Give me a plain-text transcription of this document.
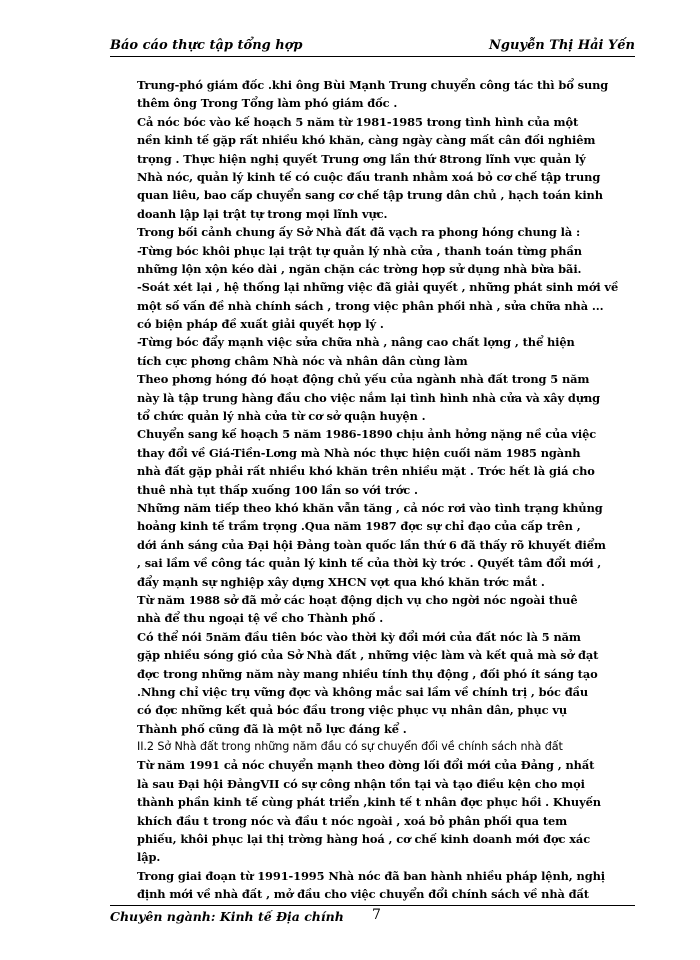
Báo cáo thực tập tổng hợp	Nguyễn Thị Hải Yến
Trung-phó giám đốc .khi ông Bùi Mạnh Trung chuyển công tác thì bổ sung
thêm ông Trong Tổng làm phó giám đốc .
Cả nóc bóc vào kế hoạch 5 năm từ 1981-1985 trong tình hình của một
nền kinh tế gặp rất nhiều khó khăn, càng ngày càng mất cân đối nghiêm
trọng . Thực hiện nghị quyết Trung ơng lần thứ 8trong lĩnh vực quản lý
Nhà nóc, quản lý kinh tế có cuộc đấu tranh nhằm xoá bỏ cơ chế tập trung
quan liêu, bao cấp chuyển sang cơ chế tập trung dân chủ , hạch toán kinh
doanh lập lại trật tự trong mọi lĩnh vực.
Trong bối cảnh chung ấy Sở Nhà đất đã vạch ra phong hóng chung là :
-Từng bóc khôi phục lại trật tự quản lý nhà cửa , thanh toán từng phần
những lộn xộn kéo dài , ngăn chặn các trờng hợp sử dụng nhà bừa bãi.
-Soát xét lại , hệ thống lại những việc đã giải quyết , những phát sinh mới về
một số vấn đề nhà chính sách , trong việc phân phối nhà , sửa chữa nhà ...
có biện pháp đề xuất giải quyết hợp lý .
-Từng bóc đẩy mạnh việc sửa chữa nhà , nâng cao chất lợng , thể hiện
tích cực phơng châm Nhà nóc và nhân dân cùng làm
Theo phơng hóng đó hoạt động chủ yếu của ngành nhà đất trong 5 năm
này là tập trung hàng đầu cho việc nắm lại tình hình nhà cửa và xây dựng
tổ chức quản lý nhà cửa từ cơ sở quận huyện .
Chuyển sang kế hoạch 5 năm 1986-1890 chịu ảnh hởng nặng nề của việc
thay đổi về Giá-Tiền-Lơng mà Nhà nóc thực hiện cuối năm 1985 ngành
nhà đất gặp phải rất nhiều khó khăn trên nhiều mặt . Trớc hết là giá cho
thuê nhà tụt thấp xuống 100 lần so với trớc .
Những năm tiếp theo khó khăn vẫn tăng , cả nóc rơi vào tình trạng khủng
hoảng kinh tế trầm trọng .Qua năm 1987 đợc sự chỉ đạo của cấp trên ,
dới ánh sáng của Đại hội Đảng toàn quốc lần thứ 6 đã thấy rõ khuyết điểm
, sai lầm về công tác quản lý kinh tế của thời kỳ trớc . Quyết tâm đổi mới ,
đẩy mạnh sự nghiệp xây dựng XHCN vợt qua khó khăn trớc mắt .
Từ năm 1988 sở đã mở các hoạt động dịch vụ cho ngời nóc ngoài thuê
nhà để thu ngoại tệ về cho Thành phố .
Có thể nói 5năm đầu tiên bóc vào thời kỳ đổi mới của đất nóc là 5 năm
gặp nhiều sóng gió của Sở Nhà đất , những việc làm và kết quả mà sở đạt
đợc trong những năm này mang nhiều tính thụ động , đối phó ít sáng tạo
.Nhng chỉ việc trụ vững đợc và không mắc sai lầm về chính trị , bóc đầu
có đợc những kết quả bóc đầu trong việc phục vụ nhân dân, phục vụ
Thành phố cũng đã là một nỗ lực đáng kể .
II.2 Sở Nhà đất trong những năm đầu có sự chuyển đổi về chính sách nhà đất
Từ năm 1991 cả nóc chuyển mạnh theo đờng lối đổi mới của Đảng , nhất
là sau Đại hội ĐảngVII có sự công nhận tồn tại và tạo điều kện cho mọi
thành phần kinh tế cùng phát triển ,kinh tế t nhân đợc phục hồi . Khuyến
khích đầu t trong nóc và đầu t nóc ngoài , xoá bỏ phân phối qua tem
phiếu, khôi phục lại thị trờng hàng hoá , cơ chế kinh doanh mới đợc xác
lập.
Trong giai đoạn từ 1991-1995 Nhà nóc đã ban hành nhiều pháp lệnh, nghị
định mới về nhà đất , mở đầu cho việc chuyển đổi chính sách về nhà đất
Chuyên ngành: Kinh tế Địa chính 7
